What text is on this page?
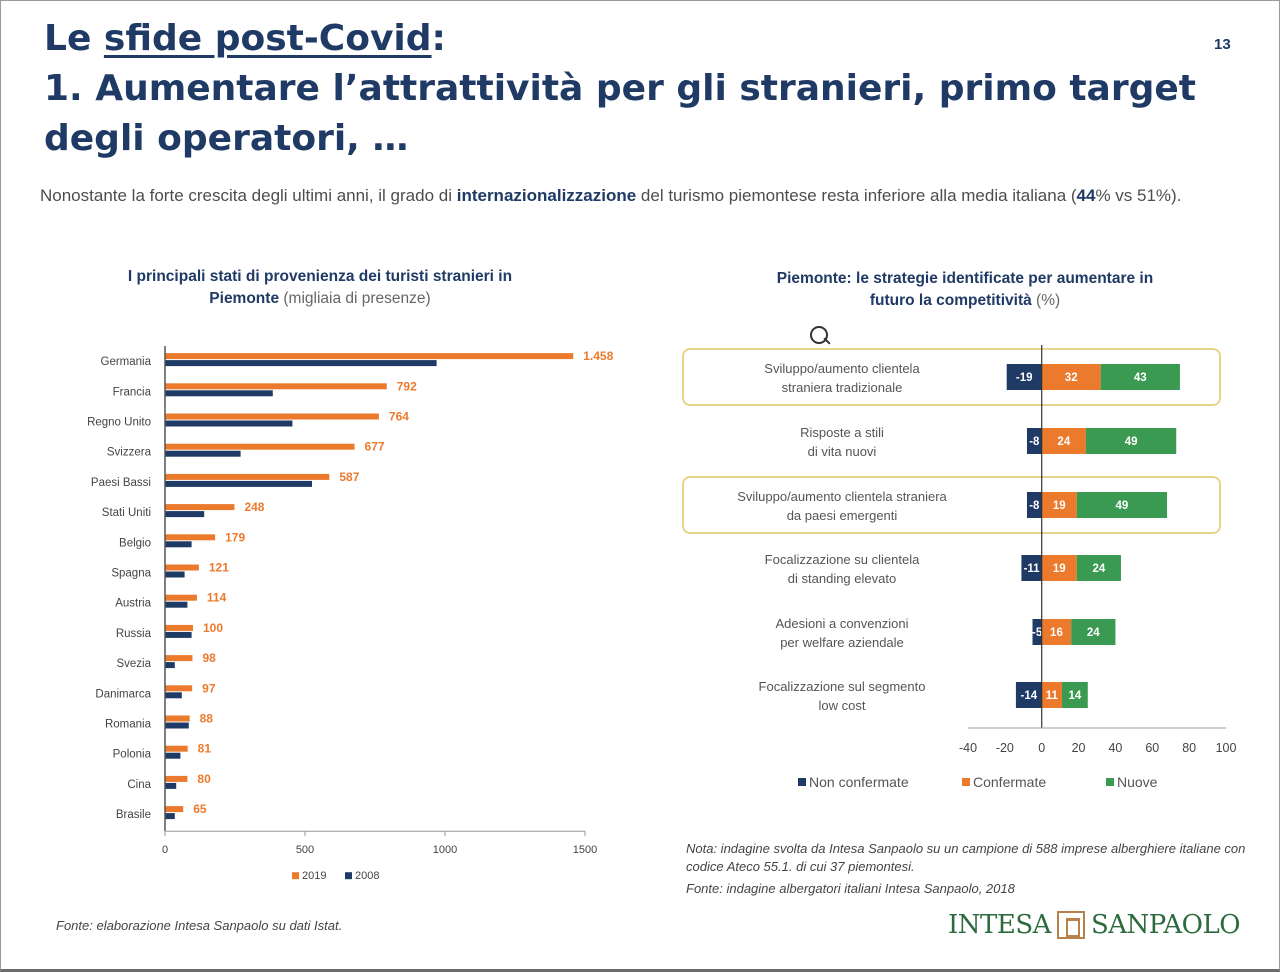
Le sfide post-Covid:
1. Aumentare l’attrattività per gli stranieri, primo target
degli operatori, …
13

Nonostante la forte crescita degli ultimi anni, il grado di internazionalizzazione del turismo piemontese resta inferiore alla media italiana (44% vs 51%).

I principali stati di provenienza dei turisti stranieri in Piemonte (migliaia di presenze)
Piemonte: le strategie identificate per aumentare in futuro la competitività (%)
Germania	1.458
Francia	792
Regno Unito	764
Svizzera	677
Paesi Bassi	587
Stati Uniti	248
Belgio	179
Spagna	121
Austria	114
Russia	100
Svezia	98
Danimarca	97
Romania	88
Polonia	81
Cina	80
Brasile	65
0	500	1000	1500
2019	2008
Sviluppo/aumento clientela straniera tradizionale
-19	32	43
Risposte a stili di vita nuovi
-8 24	49
Sviluppo/aumento clientela straniera da paesi emergenti
-8 19	49
Focalizzazione su clientela di standing elevato
-11 19 24
Adesioni a convenzioni per welfare aziendale
-5 16 24
Focalizzazione sul segmento low cost
-14 11 14
-40 -20 0 20 40 60 80 100
Non confermate	Confermate	Nuove
Nota: indagine svolta da Intesa Sanpaolo su un campione di 588 imprese alberghiere italiane con codice Ateco 55.1. di cui 37 piemontesi.
Fonte: indagine albergatori italiani Intesa Sanpaolo, 2018
Fonte: elaborazione Intesa Sanpaolo su dati Istat.	INTESA SANPAOLO
